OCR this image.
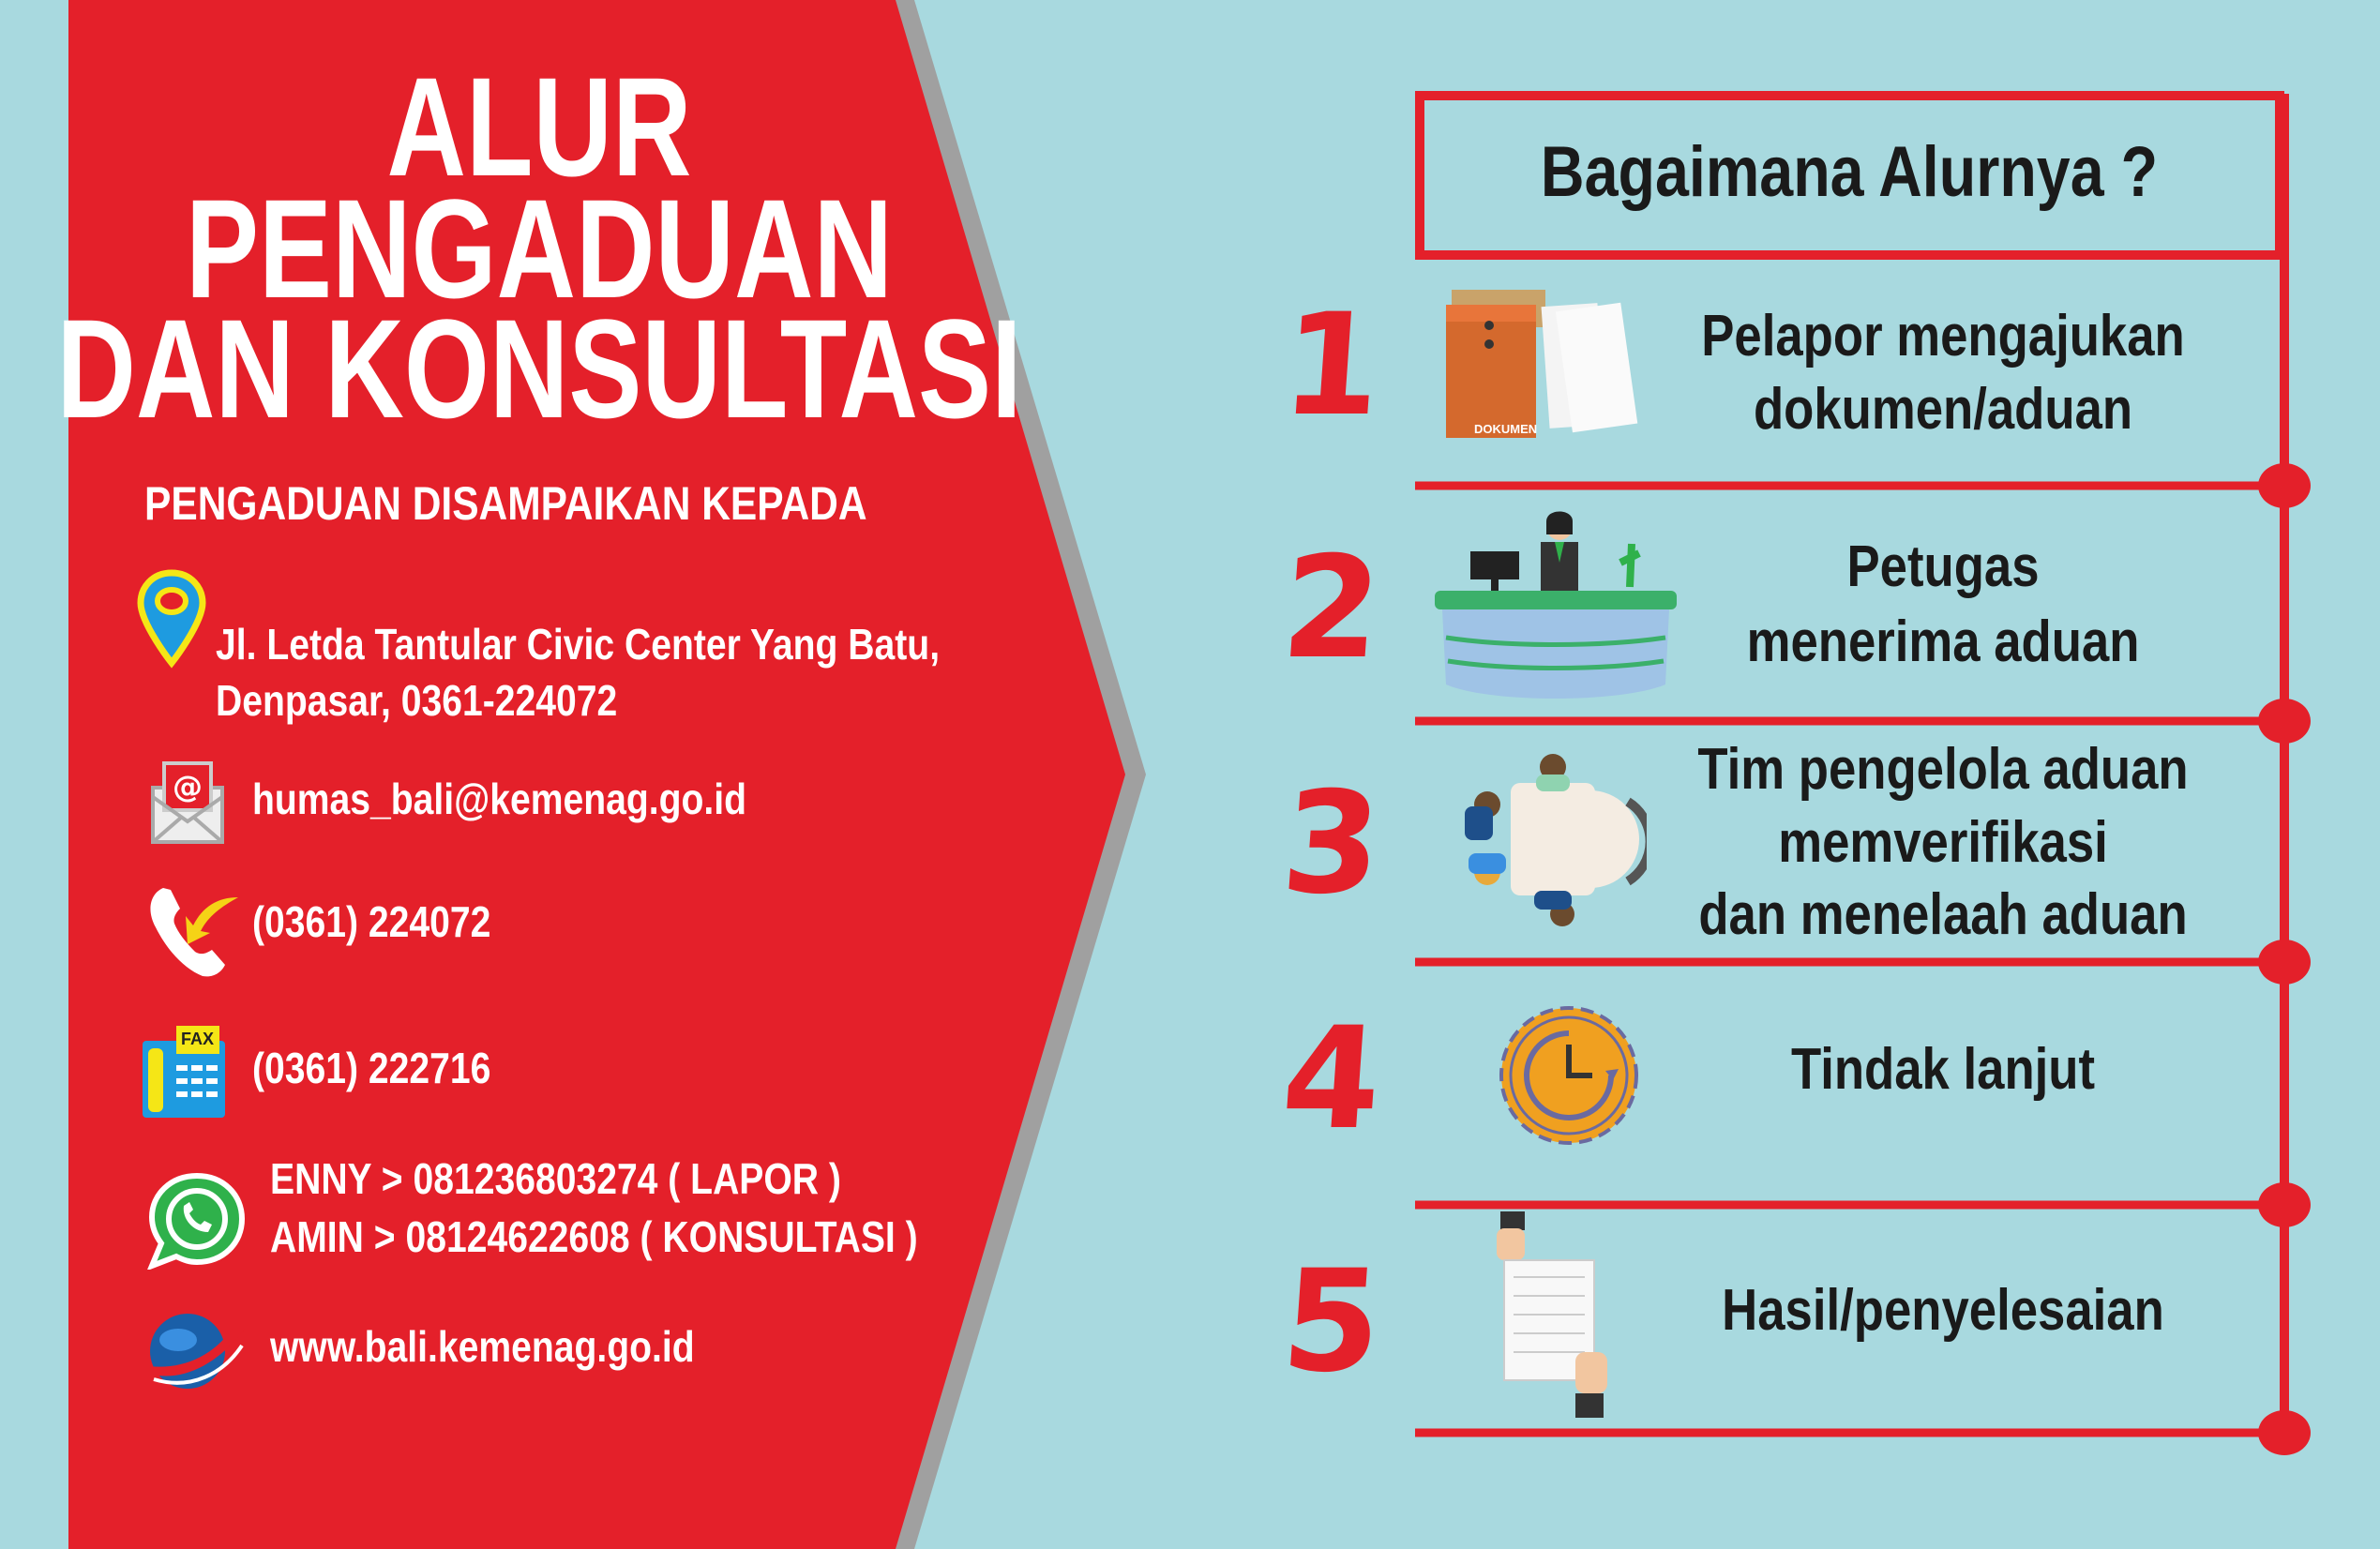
ALUR
PENGADUAN
DAN KONSULTASI
PENGADUAN DISAMPAIKAN KEPADA
Jl. Letda Tantular Civic Center Yang Batu,
Denpasar, 0361-224072
@ humas_bali@kemenag.go.id
(0361) 224072
FAX
(0361) 222716
ENNY > 081236803274 ( LAPOR )
AMIN > 08124622608 ( KONSULTASI )
www.bali.kemenag.go.id
Bagaimana Alurnya ?
1
2
3
4
5
DOKUMEN
Pelapor mengajukan
dokumen/aduan
Petugas
menerima aduan
Tim pengelola aduan
memverifikasi
dan menelaah aduan
Tindak lanjut
Hasil/penyelesaian
